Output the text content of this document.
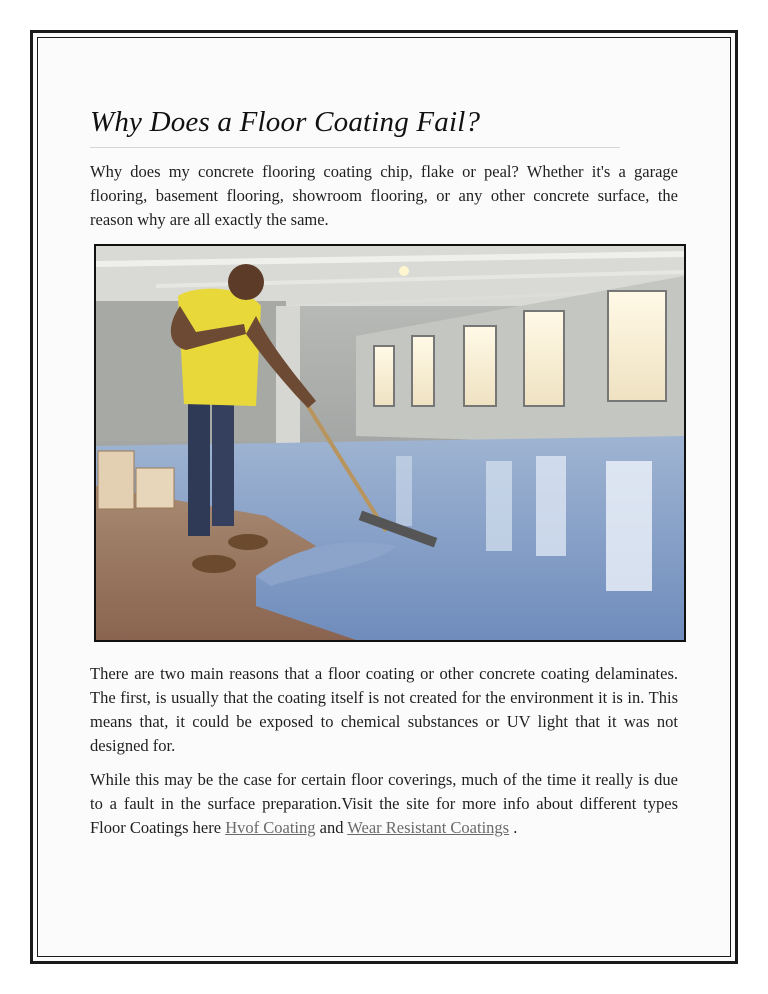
Why Does a Floor Coating Fail?

Why does my concrete flooring coating chip, flake or peal? Whether it's a garage flooring, basement flooring, showroom flooring, or any other concrete surface, the reason why are all exactly the same.

There are two main reasons that a floor coating or other concrete coating delaminates. The first, is usually that the coating itself is not created for the environment it is in. This means that, it could be exposed to chemical substances or UV light that it was not designed for.

While this may be the case for certain floor coverings, much of the time it really is due to a fault in the surface preparation.Visit the site for more info about different types Floor Coatings here Hvof Coating and Wear Resistant Coatings .
